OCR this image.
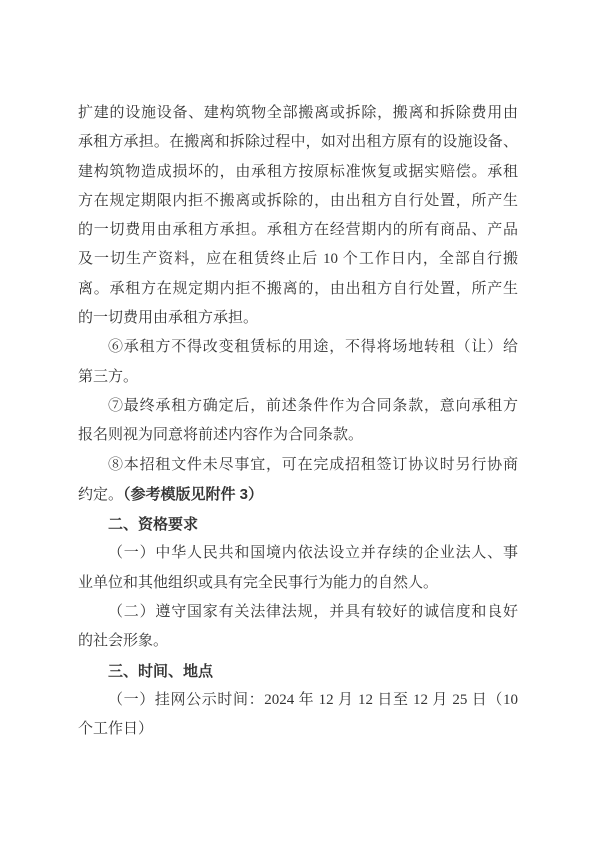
扩建的设施设备、建构筑物全部搬离或拆除，搬离和拆除费用由
承租方承担。在搬离和拆除过程中，如对出租方原有的设施设备、
建构筑物造成损坏的，由承租方按原标准恢复或据实赔偿。承租
方在规定期限内拒不搬离或拆除的，由出租方自行处置，所产生
的一切费用由承租方承担。承租方在经营期内的所有商品、产品
及一切生产资料，应在租赁终止后 10 个工作日内，全部自行搬
离。承租方在规定期内拒不搬离的，由出租方自行处置，所产生
的一切费用由承租方承担。
⑥承租方不得改变租赁标的用途，不得将场地转租（让）给
第三方。
⑦最终承租方确定后，前述条件作为合同条款，意向承租方
报名则视为同意将前述内容作为合同条款。
⑧本招租文件未尽事宜，可在完成招租签订协议时另行协商
约定。（参考模版见附件 3）
二、资格要求
（一）中华人民共和国境内依法设立并存续的企业法人、事
业单位和其他组织或具有完全民事行为能力的自然人。
（二）遵守国家有关法律法规，并具有较好的诚信度和良好
的社会形象。
三、时间、地点
（一）挂网公示时间：2024 年 12 月 12 日至 12 月 25 日（10
个工作日）
